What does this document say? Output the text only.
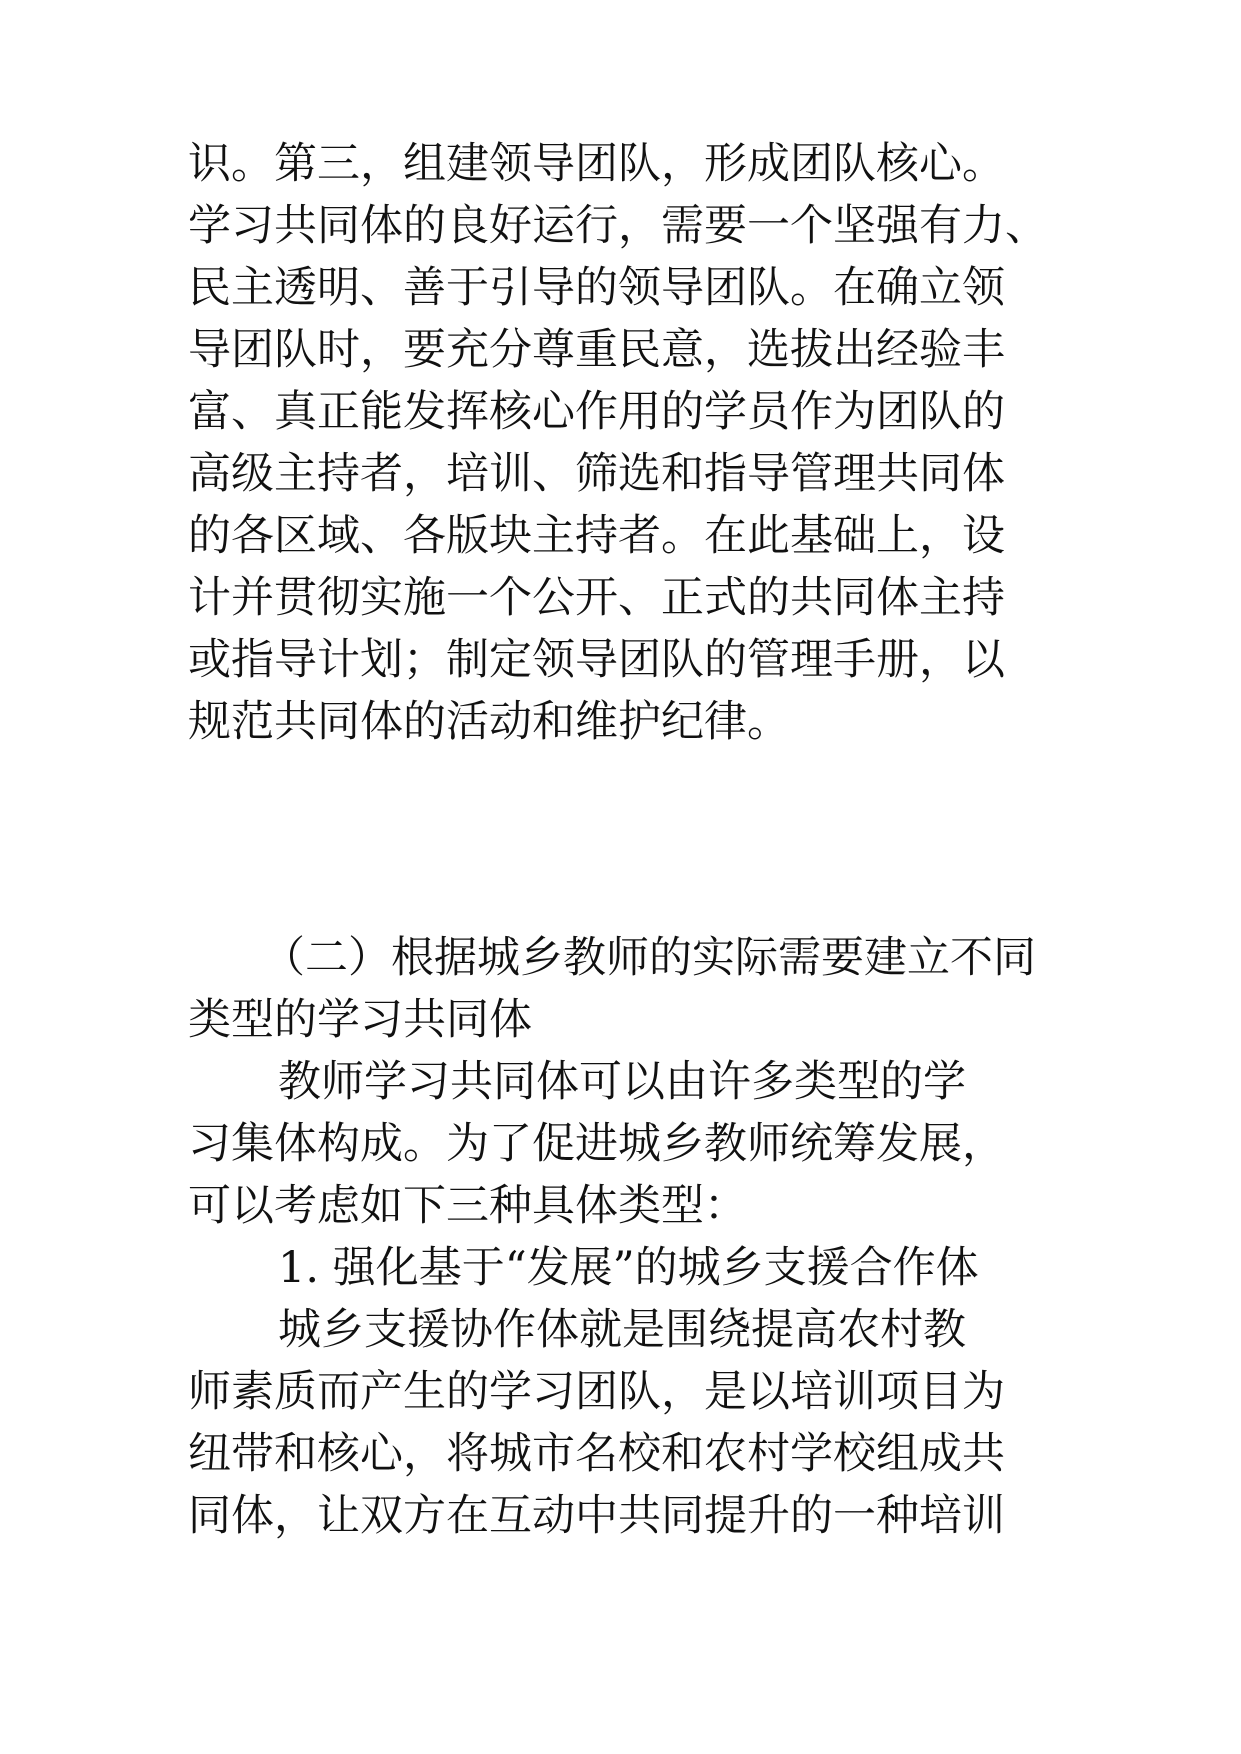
识。第三，组建领导团队，形成团队核心。

学习共同体的良好运行，需要一个坚强有力、

民主透明、善于引导的领导团队。在确立领

导团队时，要充分尊重民意，选拔出经验丰

富、真正能发挥核心作用的学员作为团队的

高级主持者，培训、筛选和指导管理共同体

的各区域、各版块主持者。在此基础上，设

计并贯彻实施一个公开、正式的共同体主持

或指导计划；制定领导团队的管理手册，以

规范共同体的活动和维护纪律。

（二）根据城乡教师的实际需要建立不同

类型的学习共同体

教师学习共同体可以由许多类型的学

习集体构成。为了促进城乡教师统筹发展，

可以考虑如下三种具体类型：

1. 强化基于“发展”的城乡支援合作体

城乡支援协作体就是围绕提高农村教

师素质而产生的学习团队，是以培训项目为

纽带和核心，将城市名校和农村学校组成共

同体，让双方在互动中共同提升的一种培训
